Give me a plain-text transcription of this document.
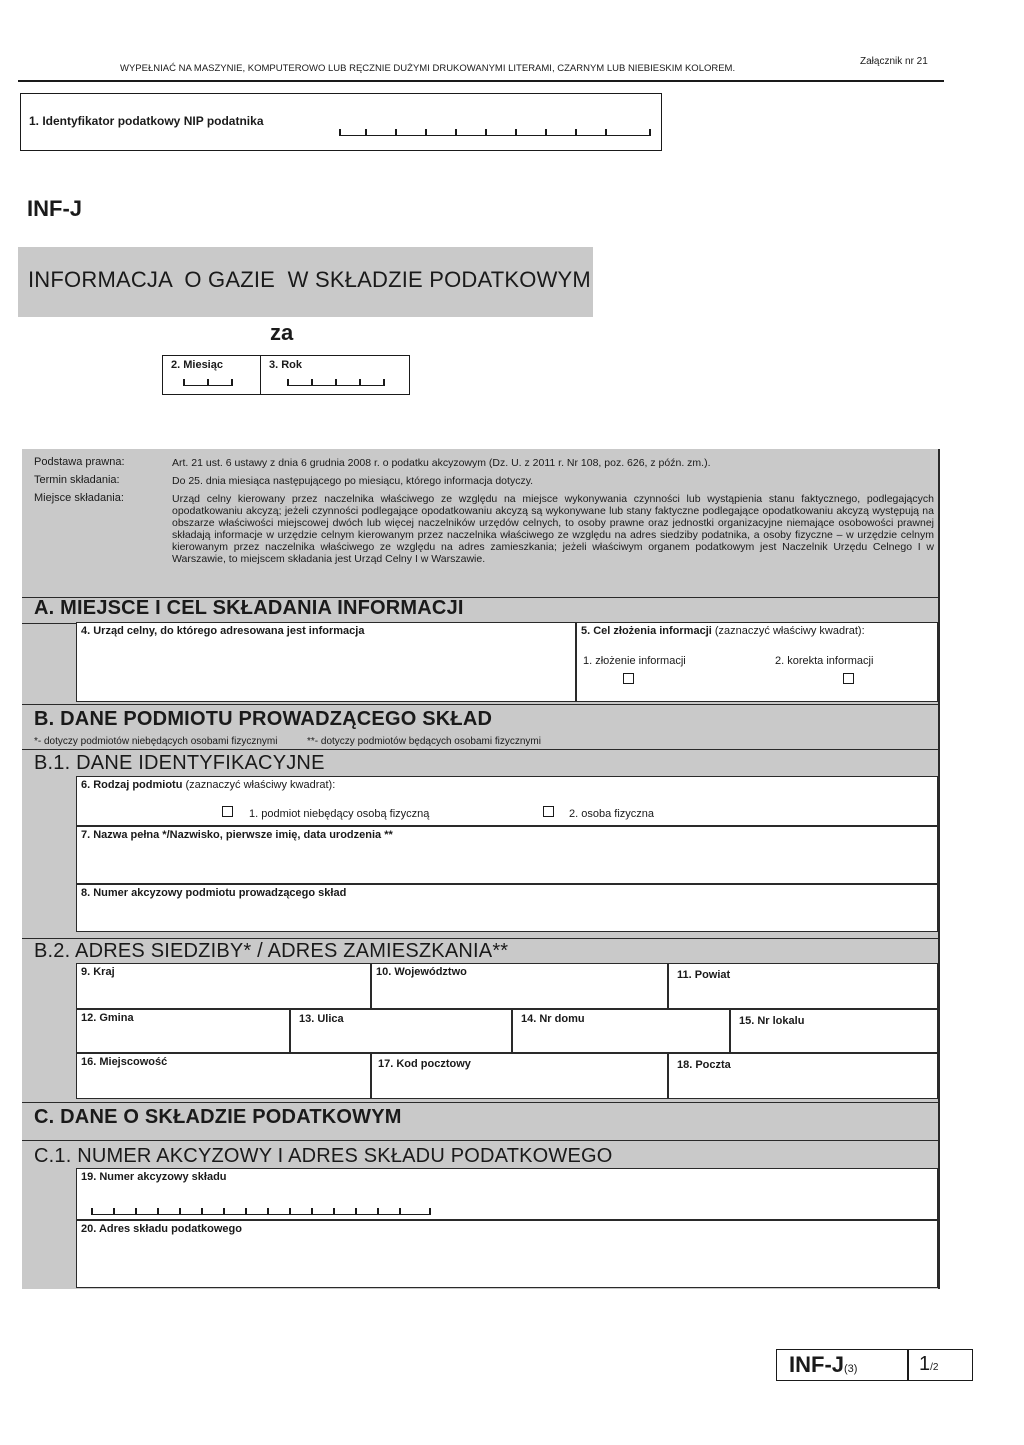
WYPEŁNIAĆ NA MASZYNIE, KOMPUTEROWO LUB RĘCZNIE DUŻYMI DRUKOWANYMI LITERAMI, CZARNYM LUB NIEBIESKIM KOLOREM.
Załącznik nr 21
1. Identyfikator podatkowy NIP podatnika
INF-J
INFORMACJA  O GAZIE  W SKŁADZIE PODATKOWYM
za
2. Miesiąc	3. Rok
Podstawa prawna:	Art. 21 ust. 6 ustawy z dnia 6 grudnia 2008 r. o podatku akcyzowym (Dz. U. z 2011 r. Nr 108, poz. 626, z późn. zm.).
Termin składania:	Do 25. dnia miesiąca następującego po miesiącu, którego informacja dotyczy.
Miejsce składania:	Urząd celny kierowany przez naczelnika właściwego ze względu na miejsce wykonywania czynności lub wystąpienia stanu faktycznego, podlegających opodatkowaniu akcyzą; jeżeli czynności podlegające opodatkowaniu akcyzą są wykonywane lub stany faktyczne podlegające opodatkowaniu akcyzą występują na obszarze właściwości miejscowej dwóch lub więcej naczelników urzędów celnych, to osoby prawne oraz jednostki organizacyjne niemające osobowości prawnej składają informacje w urzędzie celnym kierowanym przez naczelnika właściwego ze względu na adres siedziby podatnika, a osoby fizyczne – w urzędzie celnym kierowanym przez naczelnika właściwego ze względu na adres zamieszkania; jeżeli właściwym organem podatkowym jest Naczelnik Urzędu Celnego I w Warszawie, to miejscem składania jest Urząd Celny I w Warszawie.
A. MIEJSCE I CEL SKŁADANIA INFORMACJI
4. Urząd celny, do którego adresowana jest informacja	5. Cel złożenia informacji (zaznaczyć właściwy kwadrat):
1. złożenie informacji	2. korekta informacji
B. DANE PODMIOTU PROWADZĄCEGO SKŁAD
*- dotyczy podmiotów niebędących osobami fizycznymi	**- dotyczy podmiotów będących osobami fizycznymi
B.1. DANE IDENTYFIKACYJNE
6. Rodzaj podmiotu (zaznaczyć właściwy kwadrat):
1. podmiot niebędący osobą fizyczną	2. osoba fizyczna
7. Nazwa pełna */Nazwisko, pierwsze imię, data urodzenia **
8. Numer akcyzowy podmiotu prowadzącego skład
B.2. ADRES SIEDZIBY* / ADRES ZAMIESZKANIA**
9. Kraj	10. Województwo	11. Powiat
12. Gmina	13. Ulica	14. Nr domu	15. Nr lokalu
16. Miejscowość	17. Kod pocztowy	18. Poczta
C. DANE O SKŁADZIE PODATKOWYM
C.1. NUMER AKCYZOWY I ADRES SKŁADU PODATKOWEGO
19. Numer akcyzowy składu
20. Adres składu podatkowego
INF-J(3)	1/2
